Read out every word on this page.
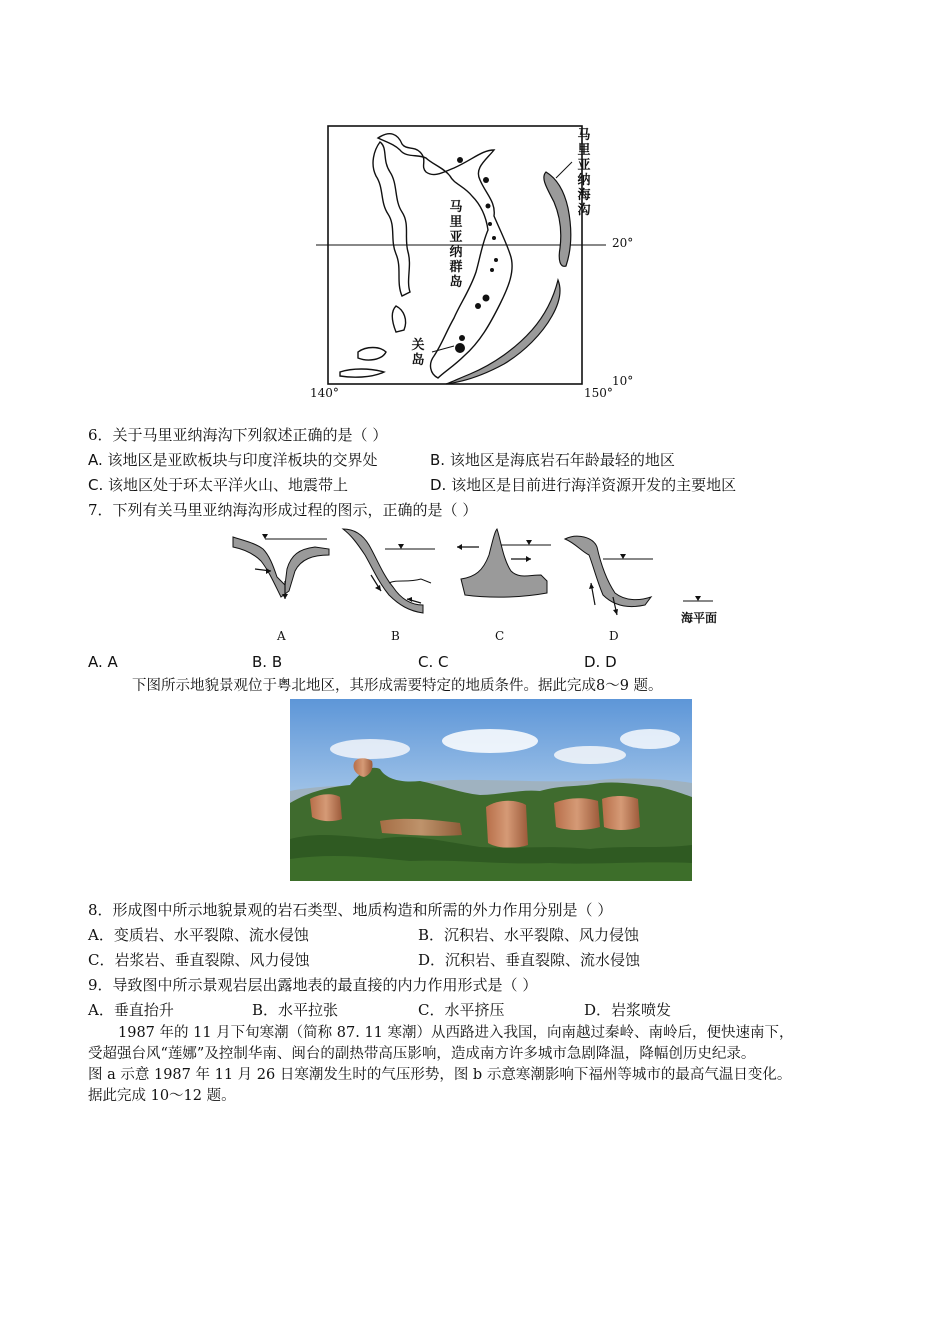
马里亚纳海沟
马里亚纳群岛
关岛
20°
10°
140°	150°
6．关于马里亚纳海沟下列叙述正确的是（ ）
A. 该地区是亚欧板块与印度洋板块的交界处	B. 该地区是海底岩石年龄最轻的地区
C. 该地区处于环太平洋火山、地震带上	D. 该地区是目前进行海洋资源开发的主要地区
7．下列有关马里亚纳海沟形成过程的图示，正确的是（ ）
A	B	C	D
海平面
A. A	B. B	C. C	D. D
下图所示地貌景观位于粤北地区，其形成需要特定的地质条件。据此完成8～9 题。
8．形成图中所示地貌景观的岩石类型、地质构造和所需的外力作用分别是（ ）
A．变质岩、水平裂隙、流水侵蚀	B．沉积岩、水平裂隙、风力侵蚀
C．岩浆岩、垂直裂隙、风力侵蚀	D．沉积岩、垂直裂隙、流水侵蚀
9．导致图中所示景观岩层出露地表的最直接的内力作用形式是（ ）
A．垂直抬升	B．水平拉张	C．水平挤压	D．岩浆喷发
1987 年的 11 月下旬寒潮（简称 87. 11 寒潮）从西路进入我国，向南越过秦岭、南岭后，便快速南下，
受超强台风“莲娜”及控制华南、闽台的副热带高压影响，造成南方许多城市急剧降温，降幅创历史纪录。
图 a 示意 1987 年 11 月 26 日寒潮发生时的气压形势，图 b 示意寒潮影响下福州等城市的最高气温日变化。
据此完成 10～12 题。
